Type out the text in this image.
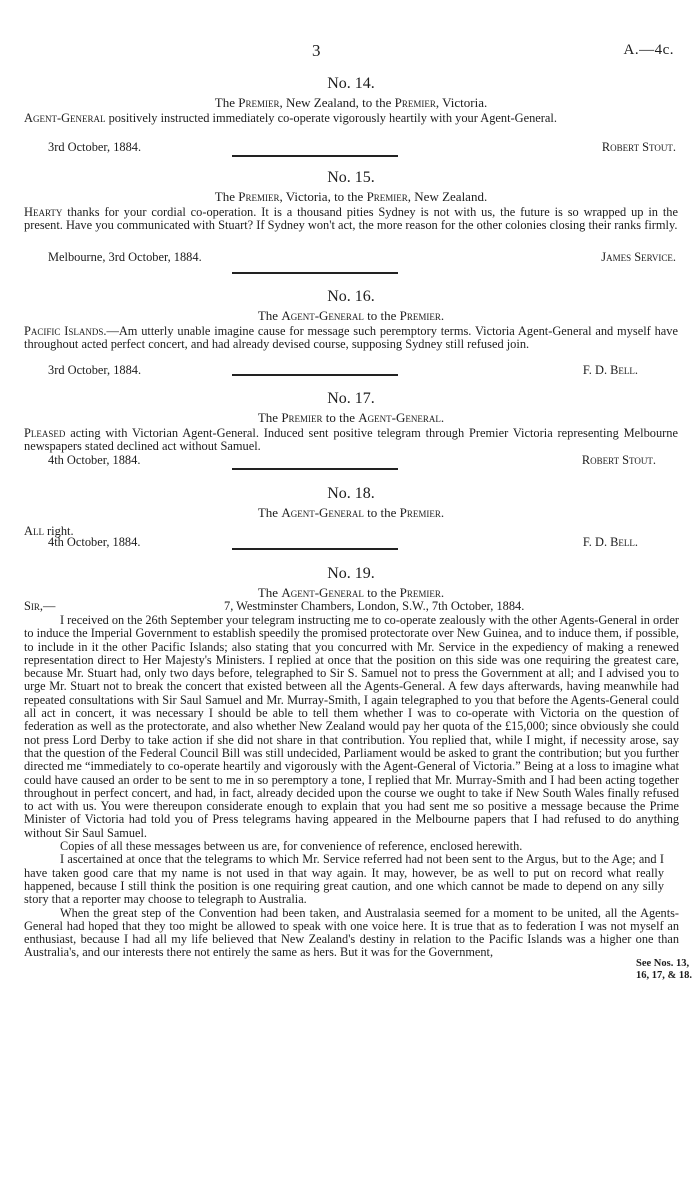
3	A.—4c.
No. 14.
The Premier, New Zealand, to the Premier, Victoria.
Agent-General positively instructed immediately co-operate vigorously heartily with your Agent-General.
3rd October, 1884.	Robert Stout.
No. 15.
The Premier, Victoria, to the Premier, New Zealand.
Hearty thanks for your cordial co-operation. It is a thousand pities Sydney is not with us, the future is so wrapped up in the present. Have you communicated with Stuart? If Sydney won't act, the more reason for the other colonies closing their ranks firmly.
Melbourne, 3rd October, 1884.	James Service.
No. 16.
The Agent-General to the Premier.
Pacific Islands.—Am utterly unable imagine cause for message such peremptory terms. Victoria Agent-General and myself have throughout acted perfect concert, and had already devised course, supposing Sydney still refused join.
3rd October, 1884.	F. D. Bell.
No. 17.
The Premier to the Agent-General.
Pleased acting with Victorian Agent-General. Induced sent positive telegram through Premier Victoria representing Melbourne newspapers stated declined act without Samuel.
4th October, 1884.	Robert Stout.
No. 18.
The Agent-General to the Premier.
All right.
4th October, 1884.	F. D. Bell.
No. 19.
The Agent-General to the Premier.
Sir,—	7, Westminster Chambers, London, S.W., 7th October, 1884.

I received on the 26th September your telegram instructing me to co-operate zealously with the other Agents-General in order to induce the Imperial Government to establish speedily the promised protectorate over New Guinea, and to induce them, if possible, to include in it the other Pacific Islands; also stating that you concurred with Mr. Service in the expediency of making a renewed representation direct to Her Majesty's Ministers. I replied at once that the position on this side was one requiring the greatest care, because Mr. Stuart had, only two days before, telegraphed to Sir S. Samuel not to press the Government at all; and I advised you to urge Mr. Stuart not to break the concert that existed between all the Agents-General. A few days afterwards, having meanwhile had repeated consultations with Sir Saul Samuel and Mr. Murray-Smith, I again telegraphed to you that before the Agents-General could all act in concert, it was necessary I should be able to tell them whether I was to co-operate with Victoria on the question of federation as well as the protectorate, and also whether New Zealand would pay her quota of the £15,000; since obviously she could not press Lord Derby to take action if she did not share in that contribution. You replied that, while I might, if necessity arose, say that the question of the Federal Council Bill was still undecided, Parliament would be asked to grant the contribution; but you further directed me “immediately to co-operate heartily and vigorously with the Agent-General of Victoria.” Being at a loss to imagine what could have caused an order to be sent to me in so peremptory a tone, I replied that Mr. Murray-Smith and I had been acting together throughout in perfect concert, and had, in fact, already decided upon the course we ought to take if New South Wales finally refused to act with us. You were thereupon considerate enough to explain that you had sent me so positive a message because the Prime Minister of Victoria had told you of Press telegrams having appeared in the Melbourne papers that I had refused to do anything without Sir Saul Samuel.

Copies of all these messages between us are, for convenience of reference, enclosed herewith.

I ascertained at once that the telegrams to which Mr. Service referred had not been sent to the Argus, but to the Age; and I have taken good care that my name is not used in that way again. It may, however, be as well to put on record what really happened, because I still think the position is one requiring great caution, and one which cannot be made to depend on any silly story that a reporter may choose to telegraph to Australia.

When the great step of the Convention had been taken, and Australasia seemed for a moment to be united, all the Agents-General had hoped that they too might be allowed to speak with one voice here. It is true that as to federation I was not myself an enthusiast, because I had all my life believed that New Zealand's destiny in relation to the Pacific Islands was a higher one than Australia's, and our interests there not entirely the same as hers. But it was for the Government,

See Nos. 13, 16, 17, & 18.
